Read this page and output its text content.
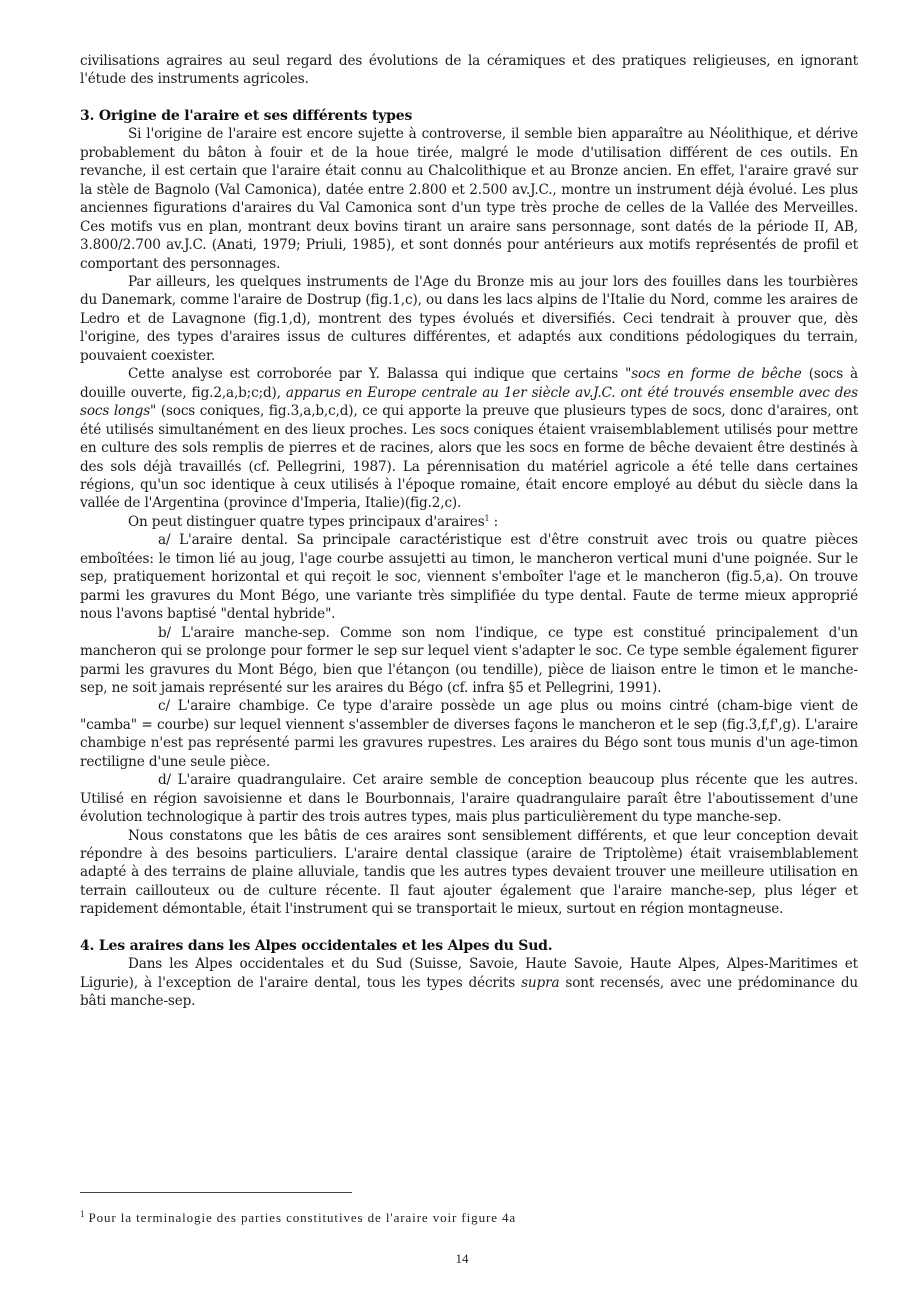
civilisations agraires au seul regard des évolutions de la céramiques et des pratiques religieuses, en ignorant l'étude des instruments agricoles.

3. Origine de l'araire et ses différents types

Si l'origine de l'araire est encore sujette à controverse, il semble bien apparaître au Néolithique, et dérive probablement du bâton à fouir et de la houe tirée, malgré le mode d'utilisation différent de ces outils. En revanche, il est certain que l'araire était connu au Chalcolithique et au Bronze ancien. En effet, l'araire gravé sur la stèle de Bagnolo (Val Camonica), datée entre 2.800 et 2.500 av.J.C., montre un instrument déjà évolué. Les plus anciennes figurations d'araires du Val Camonica sont d'un type très proche de celles de la Vallée des Merveilles. Ces motifs vus en plan, montrant deux bovins tirant un araire sans personnage, sont datés de la période II, AB, 3.800/2.700 av.J.C. (Anati, 1979; Priuli, 1985), et sont donnés pour antérieurs aux motifs représentés de profil et comportant des personnages.

Par ailleurs, les quelques instruments de l'Age du Bronze mis au jour lors des fouilles dans les tourbières du Danemark, comme l'araire de Dostrup (fig.1,c), ou dans les lacs alpins de l'Italie du Nord, comme les araires de Ledro et de Lavagnone (fig.1,d), montrent des types évolués et diversifiés. Ceci tendrait à prouver que, dès l'origine, des types d'araires issus de cultures différentes, et adaptés aux conditions pédologiques du terrain, pouvaient coexister.

Cette analyse est corroborée par Y. Balassa qui indique que certains "socs en forme de bêche (socs à douille ouverte, fig.2,a,b;c;d), apparus en Europe centrale au 1er siècle av.J.C. ont été trouvés ensemble avec des socs longs" (socs coniques, fig.3,a,b,c,d), ce qui apporte la preuve que plusieurs types de socs, donc d'araires, ont été utilisés simultanément en des lieux proches. Les socs coniques étaient vraisemblablement utilisés pour mettre en culture des sols remplis de pierres et de racines, alors que les socs en forme de bêche devaient être destinés à des sols déjà travaillés (cf. Pellegrini, 1987). La pérennisation du matériel agricole a été telle dans certaines régions, qu'un soc identique à ceux utilisés à l'époque romaine, était encore employé au début du siècle dans la vallée de l'Argentina (province d'Imperia, Italie)(fig.2,c).

On peut distinguer quatre types principaux d'araires$^1$ :

a/ L'araire dental. Sa principale caractéristique est d'être construit avec trois ou quatre pièces emboîtées: le timon lié au joug, l'age courbe assujetti au timon, le mancheron vertical muni d'une poignée. Sur le sep, pratiquement horizontal et qui reçoit le soc, viennent s'emboîter l'age et le mancheron (fig.5,a). On trouve parmi les gravures du Mont Bégo, une variante très simplifiée du type dental. Faute de terme mieux approprié nous l'avons baptisé "dental hybride".

b/ L'araire manche-sep. Comme son nom l'indique, ce type est constitué principalement d'un mancheron qui se prolonge pour former le sep sur lequel vient s'adapter le soc. Ce type semble également figurer parmi les gravures du Mont Bégo, bien que l'étançon (ou tendille), pièce de liaison entre le timon et le manche-sep, ne soit jamais représenté sur les araires du Bégo (cf. infra §5 et Pellegrini, 1991).

c/ L'araire chambige. Ce type d'araire possède un age plus ou moins cintré (cham-bige vient de "camba" = courbe) sur lequel viennent s'assembler de diverses façons le mancheron et le sep (fig.3,f,f',g). L'araire chambige n'est pas représenté parmi les gravures rupestres. Les araires du Bégo sont tous munis d'un age-timon rectiligne d'une seule pièce.

d/ L'araire quadrangulaire. Cet araire semble de conception beaucoup plus récente que les autres. Utilisé en région savoisienne et dans le Bourbonnais, l'araire quadrangulaire paraît être l'aboutissement d'une évolution technologique à partir des trois autres types, mais plus particulièrement du type manche-sep.

Nous constatons que les bâtis de ces araires sont sensiblement différents, et que leur conception devait répondre à des besoins particuliers. L'araire dental classique (araire de Triptolème) était vraisemblablement adapté à des terrains de plaine alluviale, tandis que les autres types devaient trouver une meilleure utilisation en terrain caillouteux ou de culture récente. Il faut ajouter également que l'araire manche-sep, plus léger et rapidement démontable, était l'instrument qui se transportait le mieux, surtout en région montagneuse.

4. Les araires dans les Alpes occidentales et les Alpes du Sud.

Dans les Alpes occidentales et du Sud (Suisse, Savoie, Haute Savoie, Haute Alpes, Alpes-Maritimes et Ligurie), à l'exception de l'araire dental, tous les types décrits supra sont recensés, avec une prédominance du bâti manche-sep.

$^1$ Pour la terminalogie des parties constitutives de l'araire voir figure 4a
14
